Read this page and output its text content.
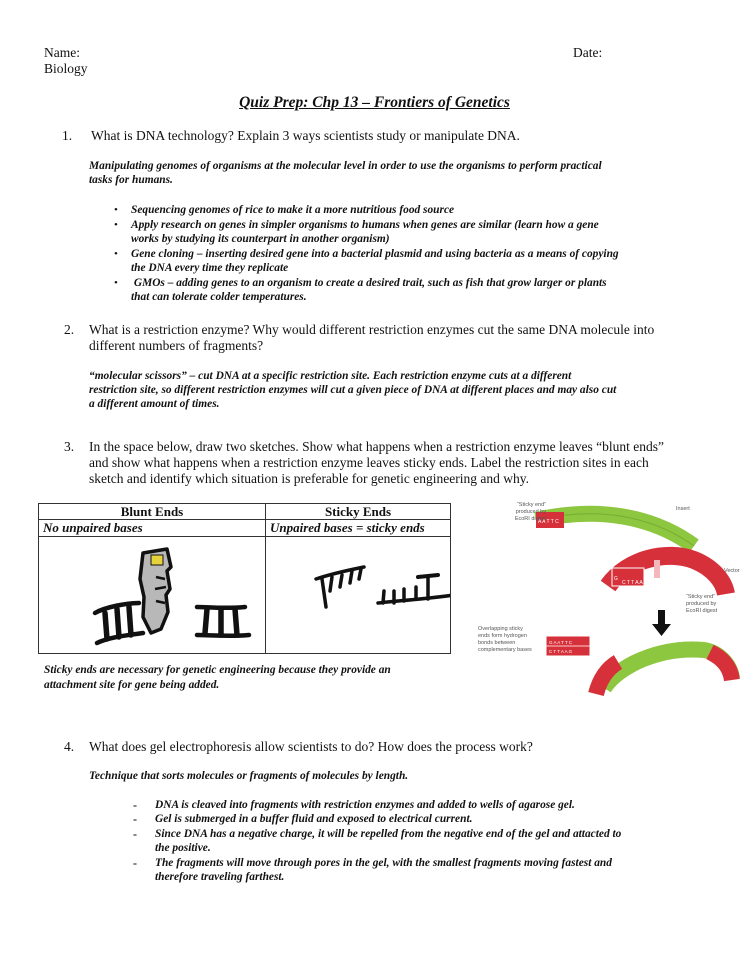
Name:	Date:
Biology
Quiz Prep: Chp 13 – Frontiers of Genetics
1. What is DNA technology? Explain 3 ways scientists study or manipulate DNA.
Manipulating genomes of organisms at the molecular level in order to use the organisms to perform practical
tasks for humans.
• Sequencing genomes of rice to make it a more nutritious food source
• Apply research on genes in simpler organisms to humans when genes are similar (learn how a gene
works by studying its counterpart in another organism)
• Gene cloning – inserting desired gene into a bacterial plasmid and using bacteria as a means of copying
the DNA every time they replicate
• GMOs – adding genes to an organism to create a desired trait, such as fish that grow larger or plants
that can tolerate colder temperatures.
2. What is a restriction enzyme? Why would different restriction enzymes cut the same DNA molecule into
different numbers of fragments?
“molecular scissors” – cut DNA at a specific restriction site. Each restriction enzyme cuts at a different
restriction site, so different restriction enzymes will cut a given piece of DNA at different places and may also cut
a different amount of times.
3. In the space below, draw two sketches. Show what happens when a restriction enzyme leaves “blunt ends”
and show what happens when a restriction enzyme leaves sticky ends. Label the restriction sites in each
sketch and identify which situation is preferable for genetic engineering and why.
Blunt Ends	Sticky Ends
No unpaired bases	Unpaired bases = sticky ends

Sticky ends are necessary for genetic engineering because they provide an
attachment site for gene being added.
A A T T C
G
C T T A A
G A A T T C
C T T A A G
“Sticky end”
produced by
EcoRI digest
Insert
Vector
“Sticky end”
produced by
EcoRI digest
Overlapping sticky
ends form hydrogen
bonds between
complementary bases
4. What does gel electrophoresis allow scientists to do? How does the process work?
Technique that sorts molecules or fragments of molecules by length.
- DNA is cleaved into fragments with restriction enzymes and added to wells of agarose gel.
- Gel is submerged in a buffer fluid and exposed to electrical current.
- Since DNA has a negative charge, it will be repelled from the negative end of the gel and attacted to
the positive.
- The fragments will move through pores in the gel, with the smallest fragments moving fastest and
therefore traveling farthest.
